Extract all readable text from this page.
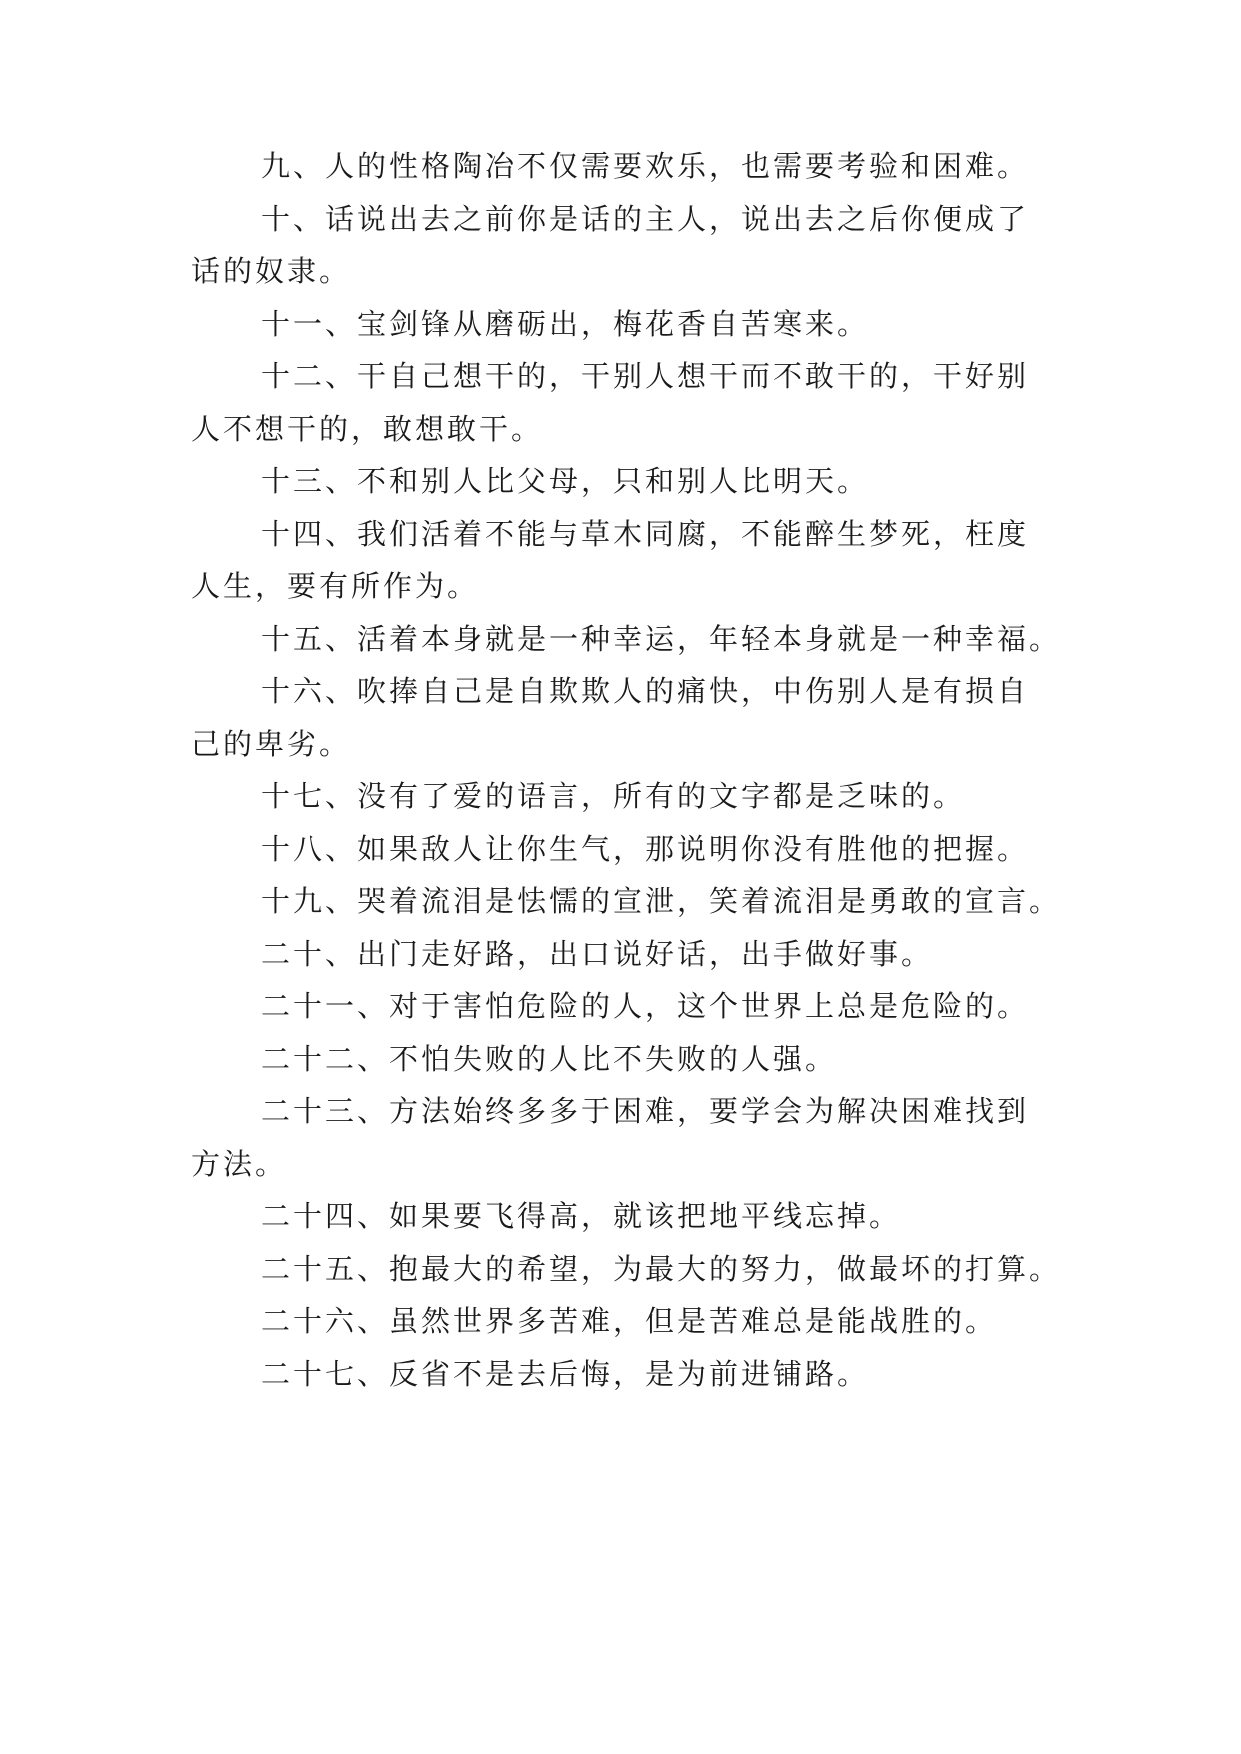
九、人的性格陶冶不仅需要欢乐，也需要考验和困难。
十、话说出去之前你是话的主人，说出去之后你便成了
话的奴隶。
十一、宝剑锋从磨砺出，梅花香自苦寒来。
十二、干自己想干的，干别人想干而不敢干的，干好别
人不想干的，敢想敢干。
十三、不和别人比父母，只和别人比明天。
十四、我们活着不能与草木同腐，不能醉生梦死，枉度
人生，要有所作为。
十五、活着本身就是一种幸运，年轻本身就是一种幸福。
十六、吹捧自己是自欺欺人的痛快，中伤别人是有损自
己的卑劣。
十七、没有了爱的语言，所有的文字都是乏味的。
十八、如果敌人让你生气，那说明你没有胜他的把握。
十九、哭着流泪是怯懦的宣泄，笑着流泪是勇敢的宣言。
二十、出门走好路，出口说好话，出手做好事。
二十一、对于害怕危险的人，这个世界上总是危险的。
二十二、不怕失败的人比不失败的人强。
二十三、方法始终多多于困难，要学会为解决困难找到
方法。
二十四、如果要飞得高，就该把地平线忘掉。
二十五、抱最大的希望，为最大的努力，做最坏的打算。
二十六、虽然世界多苦难，但是苦难总是能战胜的。
二十七、反省不是去后悔，是为前进铺路。
